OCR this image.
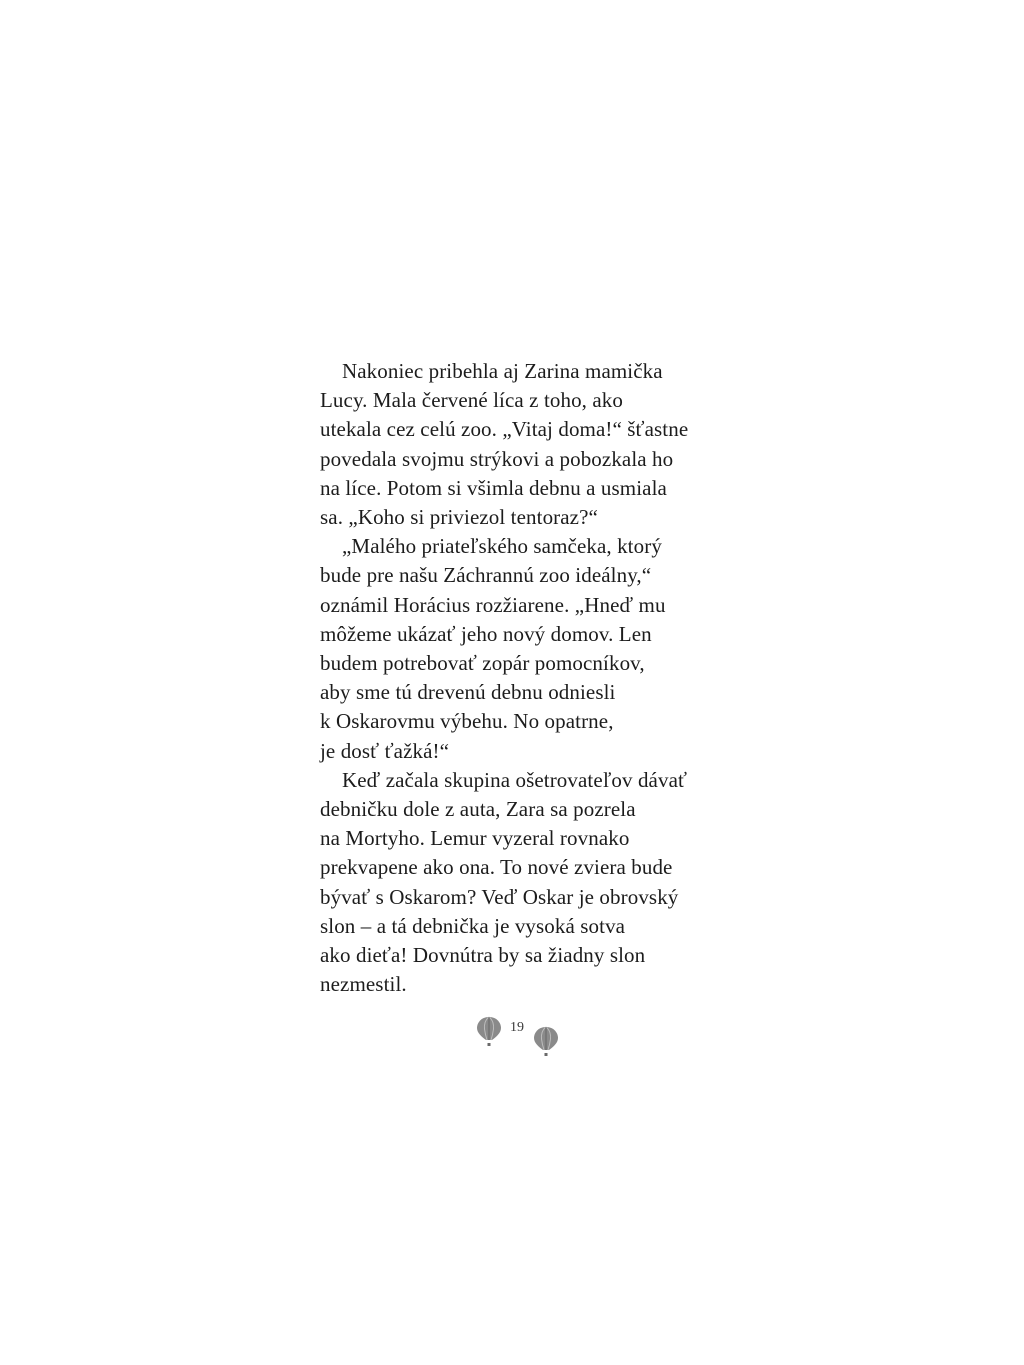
Nakoniec pribehla aj Zarina mamička
Lucy. Mala červené líca z toho, ako
utekala cez celú zoo. „Vitaj doma!“ šťastne
povedala svojmu strýkovi a pobozkala ho
na líce. Potom si všimla debnu a usmiala
sa. „Koho si priviezol tentoraz?“
„Malého priateľského samčeka, ktorý
bude pre našu Záchrannú zoo ideálny,“
oznámil Horácius rozžiarene. „Hneď mu
môžeme ukázať jeho nový domov. Len
budem potrebovať zopár pomocníkov,
aby sme tú drevenú debnu odniesli
k Oskarovmu výbehu. No opatrne,
je dosť ťažká!“
Keď začala skupina ošetrovateľov dávať
debničku dole z auta, Zara sa pozrela
na Mortyho. Lemur vyzeral rovnako
prekvapene ako ona. To nové zviera bude
bývať s Oskarom? Veď Oskar je obrovský
slon – a tá debnička je vysoká sotva
ako dieťa! Dovnútra by sa žiadny slon
nezmestil.
19
